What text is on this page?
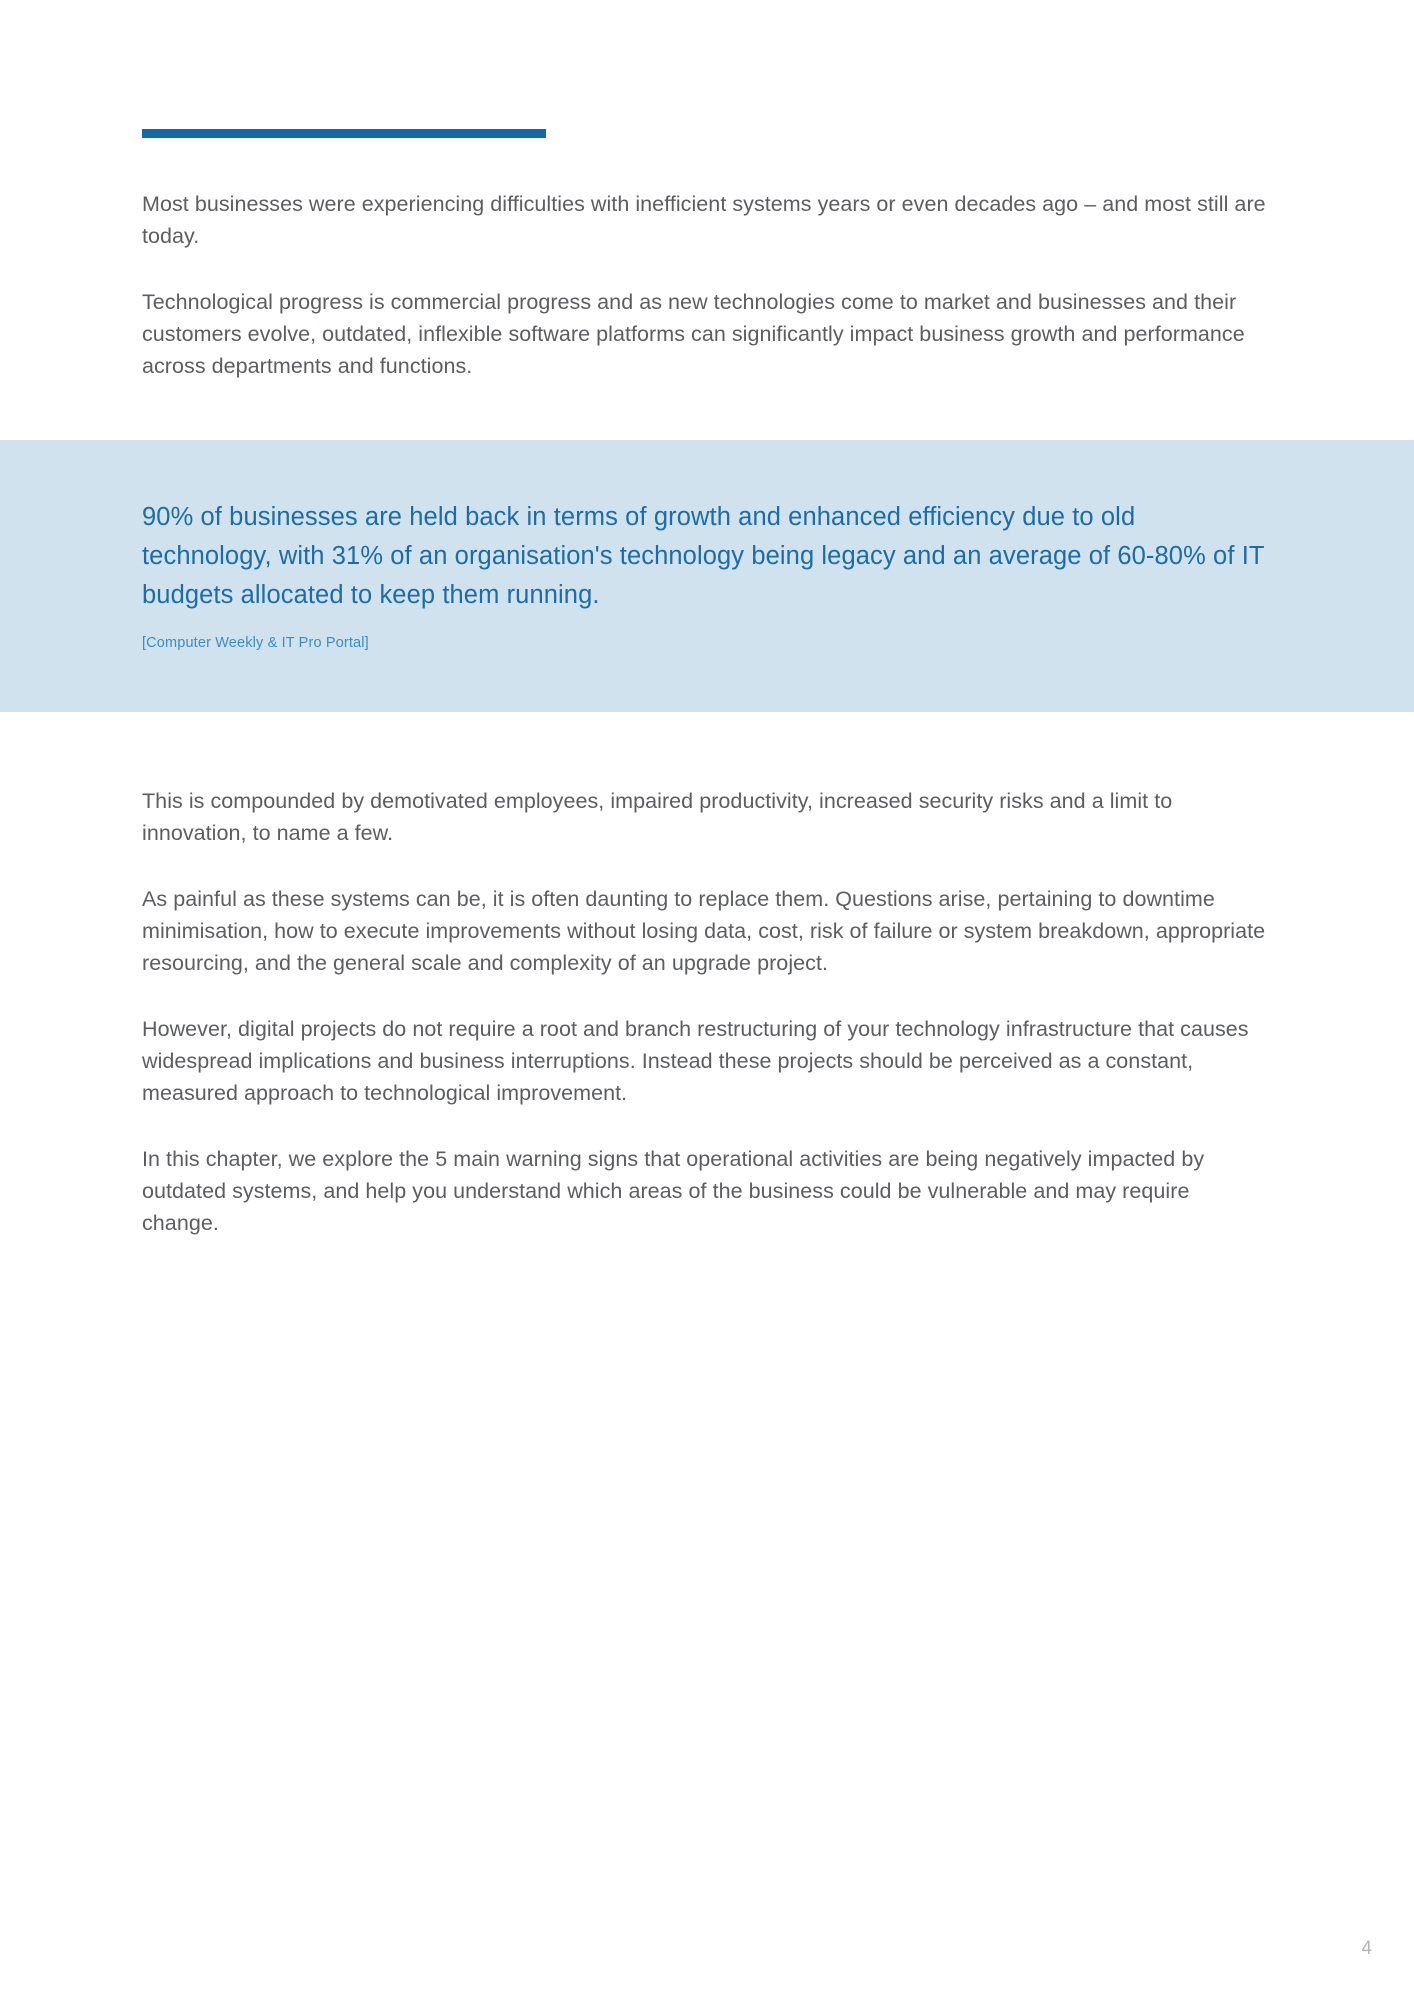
Most businesses were experiencing difficulties with inefficient systems years or even decades ago – and most still are today.

Technological progress is commercial progress and as new technologies come to market and businesses and their customers evolve, outdated, inflexible software platforms can significantly impact business growth and performance across departments and functions.

90% of businesses are held back in terms of growth and enhanced efficiency due to old technology, with 31% of an organisation's technology being legacy and an average of 60-80% of IT budgets allocated to keep them running.

[Computer Weekly & IT Pro Portal]

This is compounded by demotivated employees, impaired productivity, increased security risks and a limit to innovation, to name a few.

As painful as these systems can be, it is often daunting to replace them. Questions arise, pertaining to downtime minimisation, how to execute improvements without losing data, cost, risk of failure or system breakdown, appropriate resourcing, and the general scale and complexity of an upgrade project.

However, digital projects do not require a root and branch restructuring of your technology infrastructure that causes widespread implications and business interruptions. Instead these projects should be perceived as a constant, measured approach to technological improvement.

In this chapter, we explore the 5 main warning signs that operational activities are being negatively impacted by outdated systems, and help you understand which areas of the business could be vulnerable and may require change.

4
